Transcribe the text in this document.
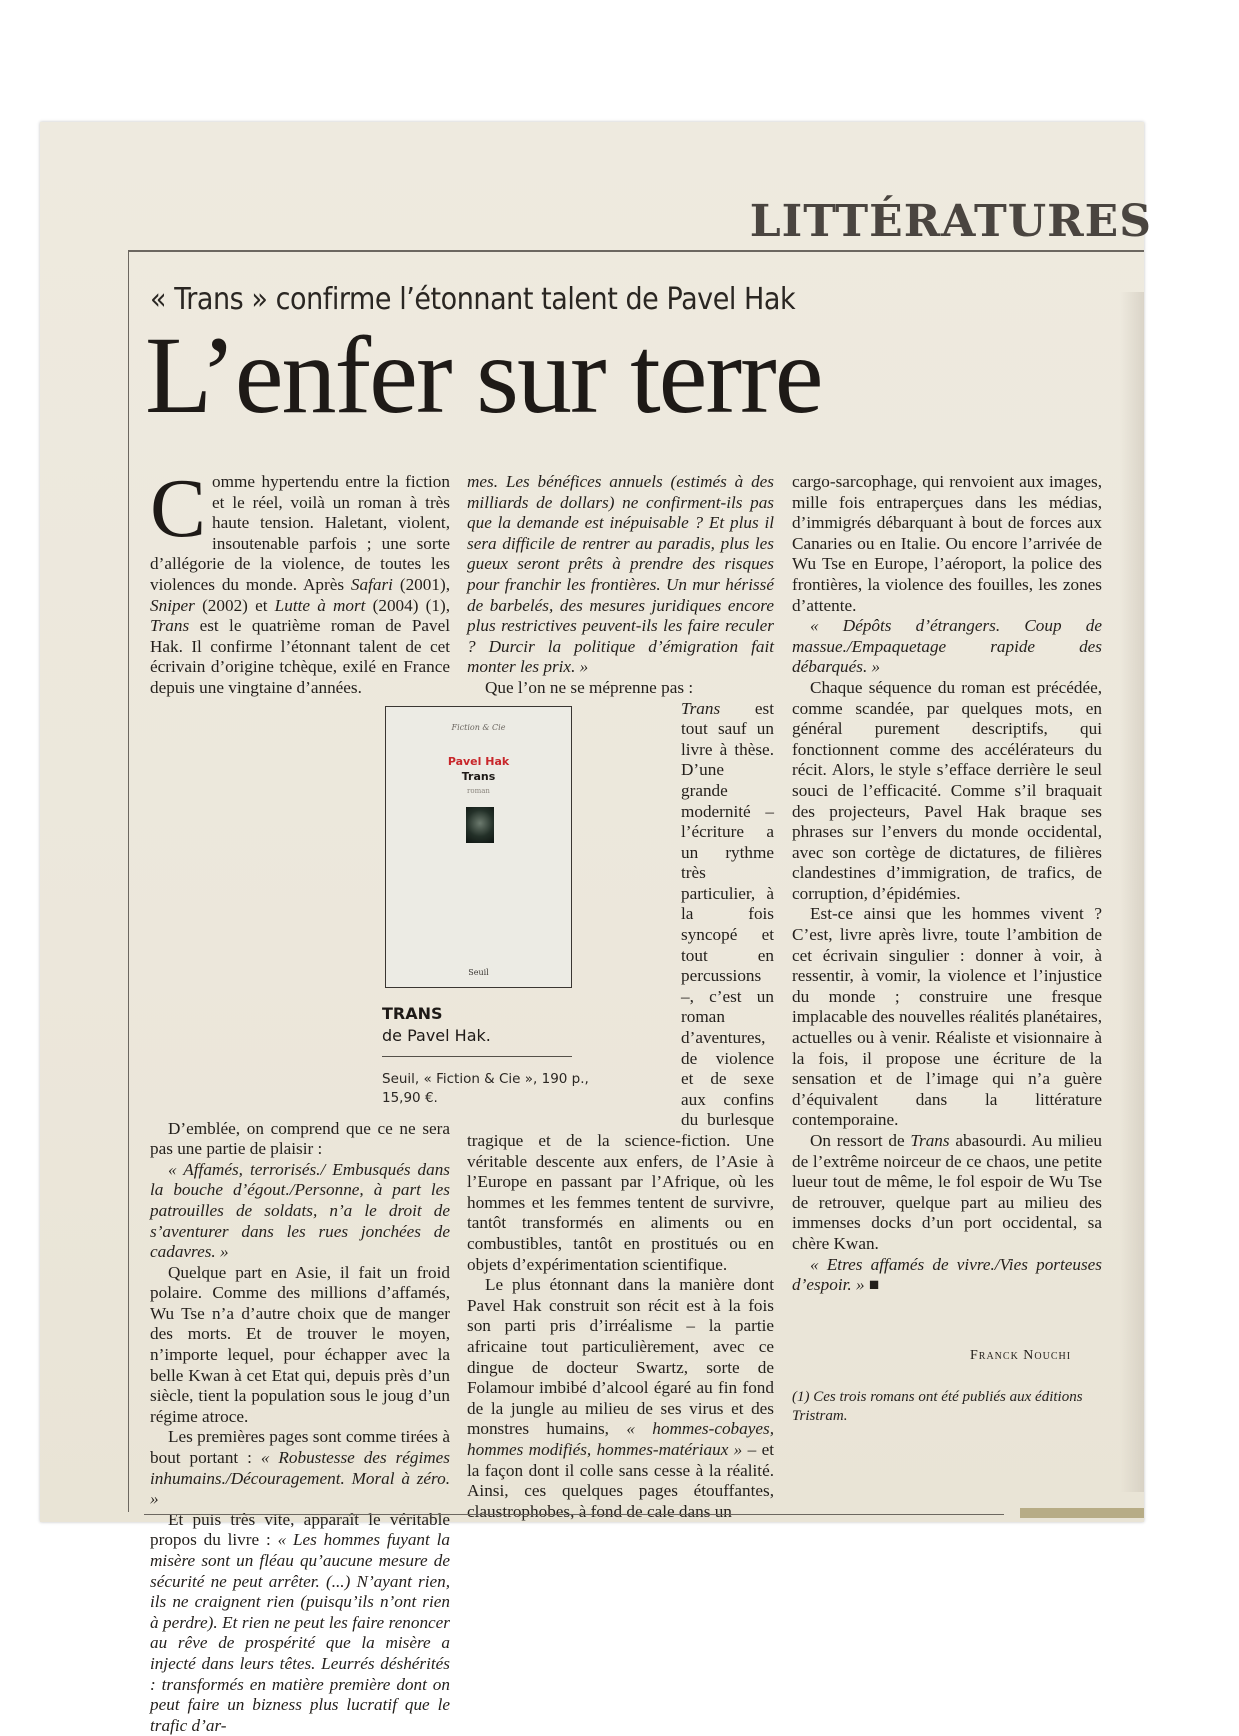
LITTÉRATURES
« Trans » confirme l’étonnant talent de Pavel Hak
L’enfer sur terre

Comme hypertendu entre la fiction et le réel, voilà un roman à très haute tension. Haletant, violent, insoutenable parfois ; une sorte d’allégorie de la violence, de toutes les violences du monde. Après Safari (2001), Sniper (2002) et Lutte à mort (2004) (1), Trans est le quatrième roman de Pavel Hak. Il confirme l’étonnant talent de cet écrivain d’origine tchèque, exilé en France depuis une vingtaine d’années.

D’emblée, on comprend que ce ne sera pas une partie de plaisir :

« Affamés, terrorisés./ Embusqués dans la bouche d’égout./Personne, à part les patrouilles de soldats, n’a le droit de s’aventurer dans les rues jonchées de cadavres. »

Quelque part en Asie, il fait un froid polaire. Comme des millions d’affamés, Wu Tse n’a d’autre choix que de manger des morts. Et de trouver le moyen, n’importe lequel, pour échapper avec la belle Kwan à cet Etat qui, depuis près d’un siècle, tient la population sous le joug d’un régime atroce.

Les premières pages sont comme tirées à bout portant : « Robustesse des régimes inhumains./Découragement. Moral à zéro. »

Et puis très vite, apparaît le véritable propos du livre : « Les hommes fuyant la misère sont un fléau qu’aucune mesure de sécurité ne peut arrêter. (...) N’ayant rien, ils ne craignent rien (puisqu’ils n’ont rien à perdre). Et rien ne peut les faire renoncer au rêve de prospérité que la misère a injecté dans leurs têtes. Leurrés déshérités : transformés en matière première dont on peut faire un bizness plus lucratif que le trafic d’ar-

mes. Les bénéfices annuels (estimés à des milliards de dollars) ne confirment-ils pas que la demande est inépuisable ? Et plus il sera difficile de rentrer au paradis, plus les gueux seront prêts à prendre des risques pour franchir les frontières. Un mur hérissé de barbelés, des mesures juridiques encore plus restrictives peuvent-ils les faire reculer ? Durcir la politique d’émigration fait monter les prix. »

Que l’on ne se méprenne pas :

Trans est tout sauf un livre à thèse. D’une grande modernité – l’écriture a un rythme très particulier, à la fois syncopé et tout en percussions –, c’est un roman d’aventures, de violence et de sexe aux confins du burlesque tragique et de la science-fiction. Une véritable descente aux enfers, de l’Asie à l’Europe en passant par l’Afrique, où les hommes et les femmes tentent de survivre, tantôt transformés en aliments ou en combustibles, tantôt en prostitués ou en objets d’expérimentation scientifique.

Le plus étonnant dans la manière dont Pavel Hak construit son récit est à la fois son parti pris d’irréalisme – la partie africaine tout particulièrement, avec ce dingue de docteur Swartz, sorte de Folamour imbibé d’alcool égaré au fin fond de la jungle au milieu de ses virus et des monstres humains, « hommes-cobayes, hommes modifiés, hommes-matériaux » – et la façon dont il colle sans cesse à la réalité. Ainsi, ces quelques pages étouffantes, claustrophobes, à fond de cale dans un

cargo-sarcophage, qui renvoient aux images, mille fois entraperçues dans les médias, d’immigrés débarquant à bout de forces aux Canaries ou en Italie. Ou encore l’arrivée de Wu Tse en Europe, l’aéroport, la police des frontières, la violence des fouilles, les zones d’attente.

« Dépôts d’étrangers. Coup de massue./Empaquetage rapide des débarqués. »

Chaque séquence du roman est précédée, comme scandée, par quelques mots, en général purement descriptifs, qui fonctionnent comme des accélérateurs du récit. Alors, le style s’efface derrière le seul souci de l’efficacité. Comme s’il braquait des projecteurs, Pavel Hak braque ses phrases sur l’envers du monde occidental, avec son cortège de dictatures, de filières clandestines d’immigration, de trafics, de corruption, d’épidémies.

Est-ce ainsi que les hommes vivent ? C’est, livre après livre, toute l’ambition de cet écrivain singulier : donner à voir, à ressentir, à vomir, la violence et l’injustice du monde ; construire une fresque implacable des nouvelles réalités planétaires, actuelles ou à venir. Réaliste et visionnaire à la fois, il propose une écriture de la sensation et de l’image qui n’a guère d’équivalent dans la littérature contemporaine.

On ressort de Trans abasourdi. Au milieu de l’extrême noirceur de ce chaos, une petite lueur tout de même, le fol espoir de Wu Tse de retrouver, quelque part au milieu des immenses docks d’un port occidental, sa chère Kwan.

« Etres affamés de vivre./Vies porteuses d’espoir. » ■

Fiction & Cie
Pavel Hak
Trans
roman
Seuil

TRANS

de Pavel Hak.

Seuil, « Fiction & Cie », 190 p., 15,90 €.

Franck Nouchi

(1) Ces trois romans ont été publiés aux éditions Tristram.
